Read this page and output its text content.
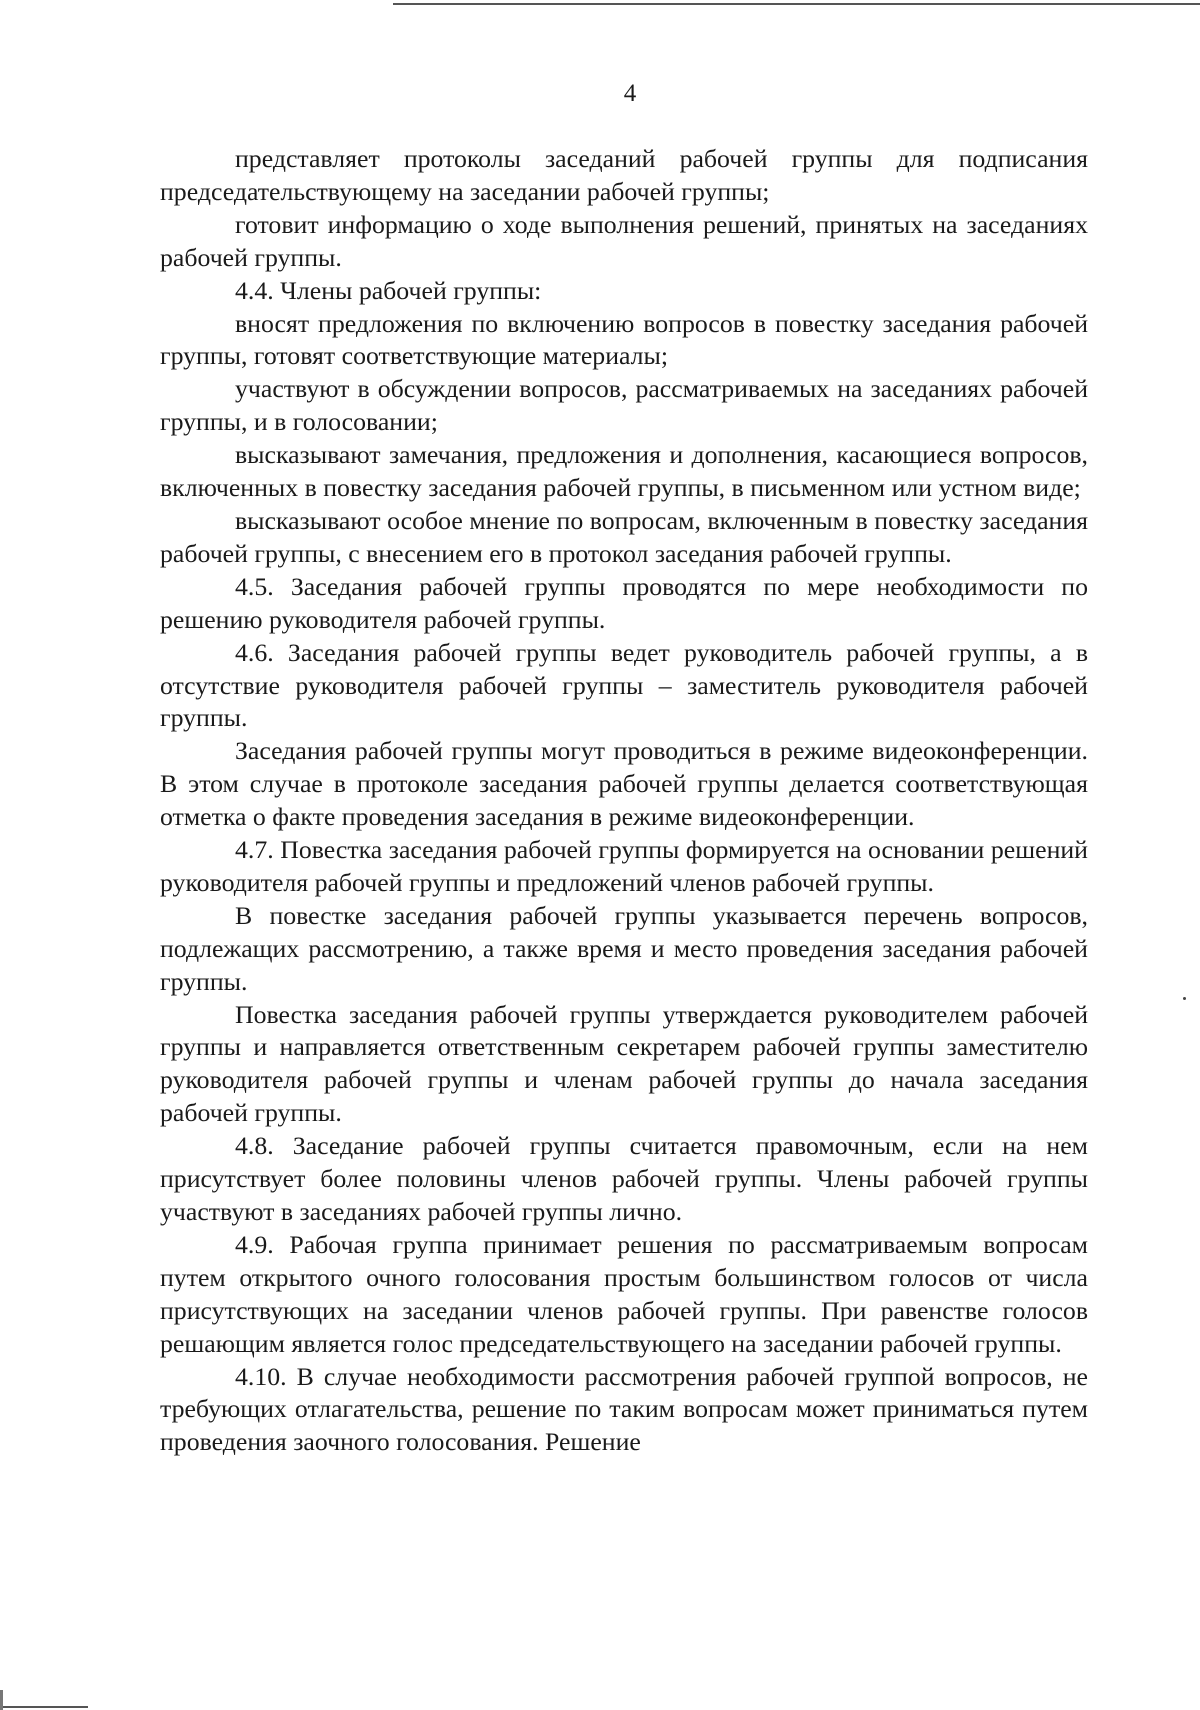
4

представляет протоколы заседаний рабочей группы для подписания председательствующему на заседании рабочей группы;

готовит информацию о ходе выполнения решений, принятых на заседаниях рабочей группы.

4.4. Члены рабочей группы:

вносят предложения по включению вопросов в повестку заседания рабочей группы, готовят соответствующие материалы;

участвуют в обсуждении вопросов, рассматриваемых на заседаниях рабочей группы, и в голосовании;

высказывают замечания, предложения и дополнения, касающиеся вопросов, включенных в повестку заседания рабочей группы, в письменном или устном виде;

высказывают особое мнение по вопросам, включенным в повестку заседания рабочей группы, с внесением его в протокол заседания рабочей группы.

4.5. Заседания рабочей группы проводятся по мере необходимости по решению руководителя рабочей группы.

4.6. Заседания рабочей группы ведет руководитель рабочей группы, а в отсутствие руководителя рабочей группы – заместитель руководителя рабочей группы.

Заседания рабочей группы могут проводиться в режиме видеоконференции. В этом случае в протоколе заседания рабочей группы делается соответствующая отметка о факте проведения заседания в режиме видеоконференции.

4.7. Повестка заседания рабочей группы формируется на основании решений руководителя рабочей группы и предложений членов рабочей группы.

В повестке заседания рабочей группы указывается перечень вопросов, подлежащих рассмотрению, а также время и место проведения заседания рабочей группы.

Повестка заседания рабочей группы утверждается руководителем рабочей группы и направляется ответственным секретарем рабочей группы заместителю руководителя рабочей группы и членам рабочей группы до начала заседания рабочей группы.

4.8. Заседание рабочей группы считается правомочным, если на нем присутствует более половины членов рабочей группы. Члены рабочей группы участвуют в заседаниях рабочей группы лично.

4.9. Рабочая группа принимает решения по рассматриваемым вопросам путем открытого очного голосования простым большинством голосов от числа присутствующих на заседании членов рабочей группы. При равенстве голосов решающим является голос председательствующего на заседании рабочей группы.

4.10. В случае необходимости рассмотрения рабочей группой вопросов, не требующих отлагательства, решение по таким вопросам может приниматься путем проведения заочного голосования. Решение
